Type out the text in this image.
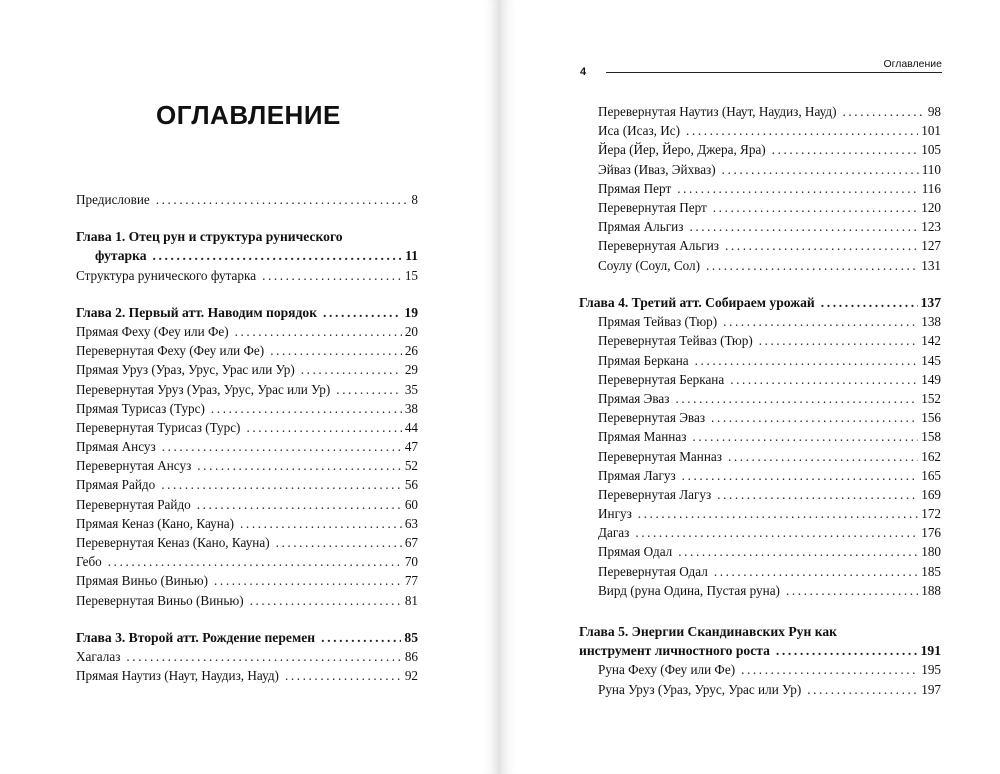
ОГЛАВЛЕНИЕ
Предисловие .....	8
Глава 1. Отец рун и структура рунического
футарка .....	11
Структура рунического футарка .....	15
Глава 2. Первый атт. Наводим порядок .....	19
Прямая Феху (Феу или Фе) .....	20
Перевернутая Феху (Феу или Фе) .....	26
Прямая Уруз (Ураз, Урус, Урас или Ур) .....	29
Перевернутая Уруз (Ураз, Урус, Урас или Ур) .....	35
Прямая Турисаз (Турс) .....	38
Перевернутая Турисаз (Турс) .....	44
Прямая Ансуз .....	47
Перевернутая Ансуз .....	52
Прямая Райдо .....	56
Перевернутая Райдо .....	60
Прямая Кеназ (Кано, Кауна) .....	63
Перевернутая Кеназ (Кано, Кауна) .....	67
Гебо .....	70
Прямая Виньо (Винью) .....	77
Перевернутая Виньо (Винью) .....	81
Глава 3. Второй атт. Рождение перемен .....	85
Хагалаз .....	86
Прямая Наутиз (Наут, Наудиз, Науд) .....	92
4
Оглавление
Перевернутая Наутиз (Наут, Наудиз, Науд) .....	98
Иса (Исаз, Ис) .....	101
Йера (Йер, Йеро, Джера, Яра) .....	105
Эйваз (Иваз, Эйхваз) .....	110
Прямая Перт .....	116
Перевернутая Перт .....	120
Прямая Альгиз .....	123
Перевернутая Альгиз .....	127
Соулу (Соул, Сол) .....	131
Глава 4. Третий атт. Собираем урожай .....	137
Прямая Тейваз (Тюр) .....	138
Перевернутая Тейваз (Тюр) .....	142
Прямая Беркана .....	145
Перевернутая Беркана .....	149
Прямая Эваз .....	152
Перевернутая Эваз .....	156
Прямая Манназ .....	158
Перевернутая Манназ .....	162
Прямая Лагуз .....	165
Перевернутая Лагуз .....	169
Ингуз .....	172
Дагаз .....	176
Прямая Одал .....	180
Перевернутая Одал .....	185
Вирд (руна Одина, Пустая руна) .....	188
Глава 5. Энергии Скандинавских Рун как
инструмент личностного роста .....	191
Руна Феху (Феу или Фе) .....	195
Руна Уруз (Ураз, Урус, Урас или Ур) .....	197
